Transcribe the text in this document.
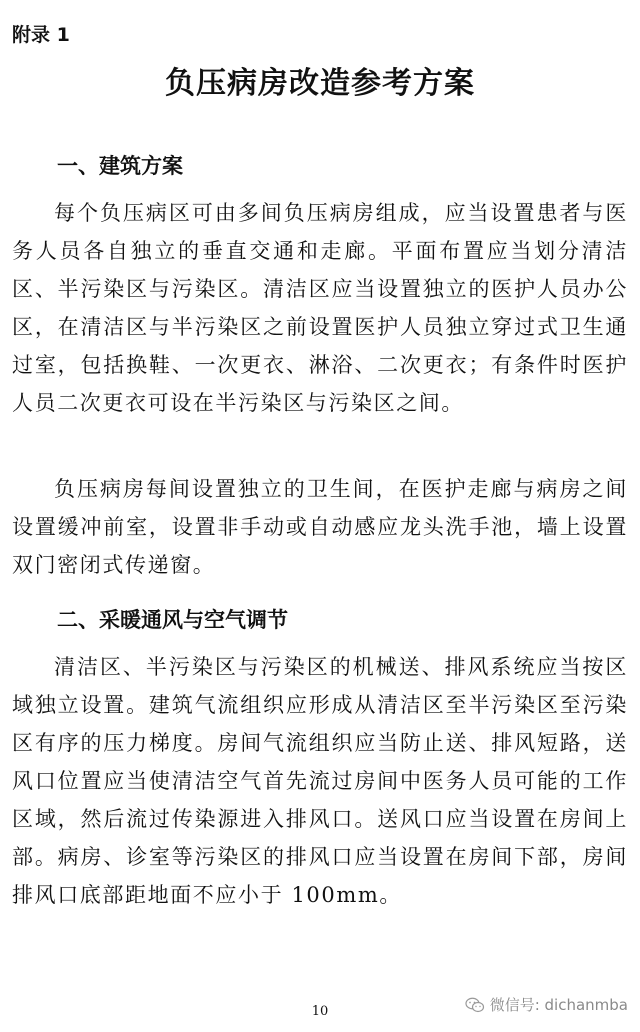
附录 1
负压病房改造参考方案
一、建筑方案

每个负压病区可由多间负压病房组成，应当设置患者与医务人员各自独立的垂直交通和走廊。平面布置应当划分清洁区、半污染区与污染区。清洁区应当设置独立的医护人员办公区，在清洁区与半污染区之前设置医护人员独立穿过式卫生通过室，包括换鞋、一次更衣、淋浴、二次更衣；有条件时医护人员二次更衣可设在半污染区与污染区之间。

负压病房每间设置独立的卫生间，在医护走廊与病房之间设置缓冲前室，设置非手动或自动感应龙头洗手池，墙上设置双门密闭式传递窗。

二、采暖通风与空气调节

清洁区、半污染区与污染区的机械送、排风系统应当按区域独立设置。建筑气流组织应形成从清洁区至半污染区至污染区有序的压力梯度。房间气流组织应当防止送、排风短路，送风口位置应当使清洁空气首先流过房间中医务人员可能的工作区域，然后流过传染源进入排风口。送风口应当设置在房间上部。病房、诊室等污染区的排风口应当设置在房间下部，房间排风口底部距地面不应小于 100mm。

10	微信号: dichanmba
